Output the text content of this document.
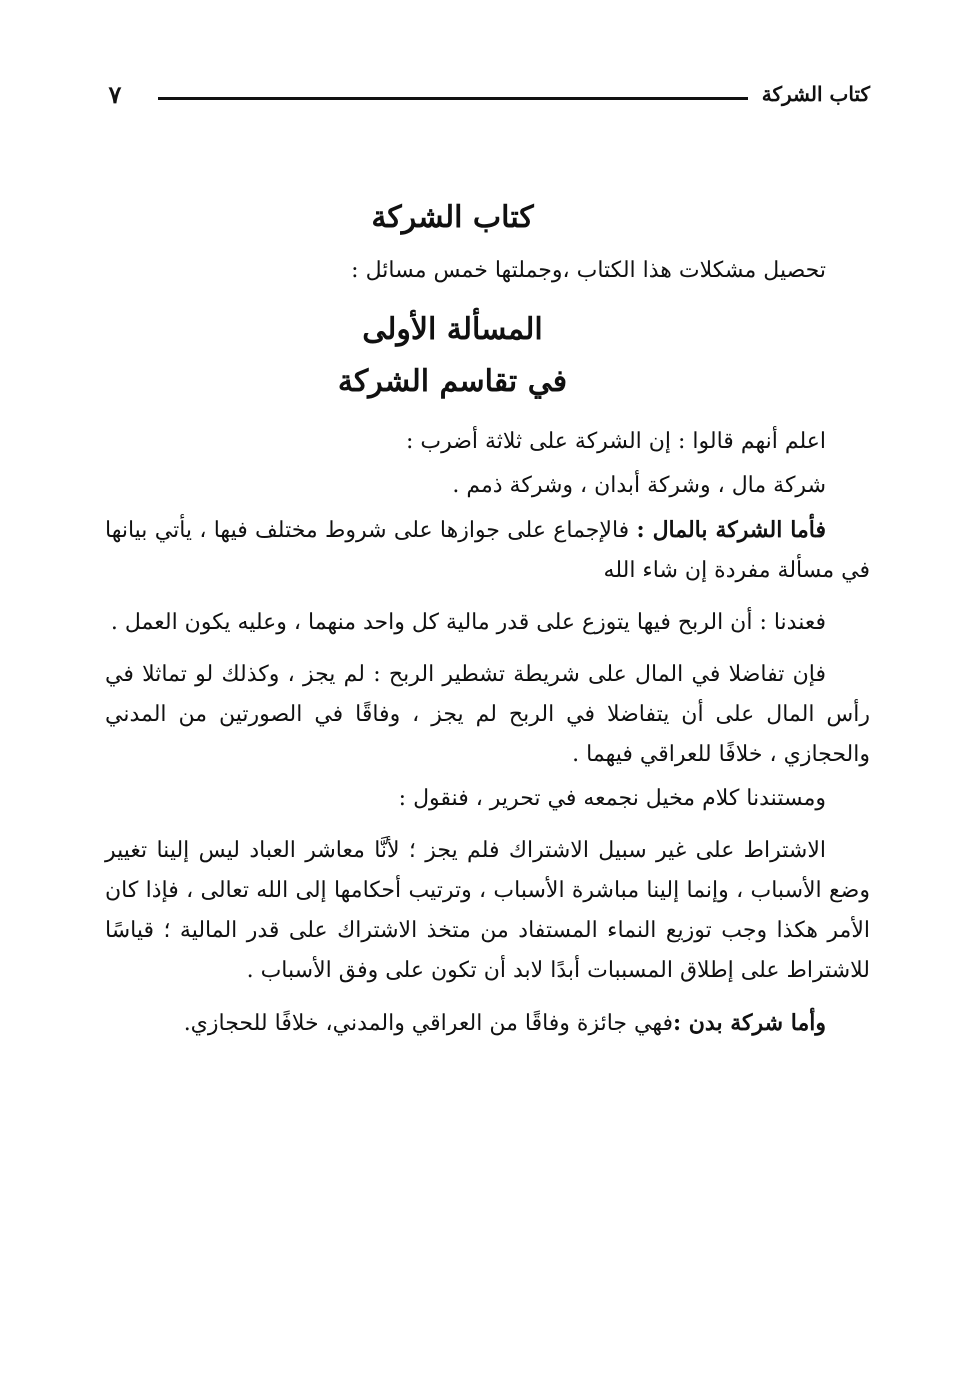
كتاب الشركة
٧
كتاب الشركة

تحصيل مشكلات هذا الكتاب ،وجملتها خمس مسائل :

المسألة الأولى
في تقاسم الشركة

اعلم أنهم قالوا : إن الشركة على ثلاثة أضرب :

شركة مال ، وشركة أبدان ، وشركة ذمم .

فأما الشركة بالمال : فالإجماع على جوازها على شروط مختلف فيها ، يأتي بيانها في مسألة مفردة إن شاء الله

فعندنا : أن الربح فيها يتوزع على قدر مالية كل واحد منهما ، وعليه يكون العمل .

فإن تفاضلا في المال على شريطة تشطير الربح : لم يجز ، وكذلك لو تماثلا في رأس المال على أن يتفاضلا في الربح لم يجز ، وفاقًا في الصورتين من المدني والحجازي ، خلافًا للعراقي فيهما .

ومستندنا كلام مخيل نجمعه في تحرير ، فنقول :

الاشتراط على غير سبيل الاشتراك فلم يجز ؛ لأنَّا معاشر العباد ليس إلينا تغيير وضع الأسباب ، وإنما إلينا مباشرة الأسباب ، وترتيب أحكامها إلى الله تعالى ، فإذا كان الأمر هكذا وجب توزيع النماء المستفاد من متخذ الاشتراك على قدر المالية ؛ قياسًا للاشتراط على إطلاق المسببات أبدًا لابد أن تكون على وفق الأسباب .

وأما شركة بدن :فهي جائزة وفاقًا من العراقي والمدني، خلافًا للحجازي.
